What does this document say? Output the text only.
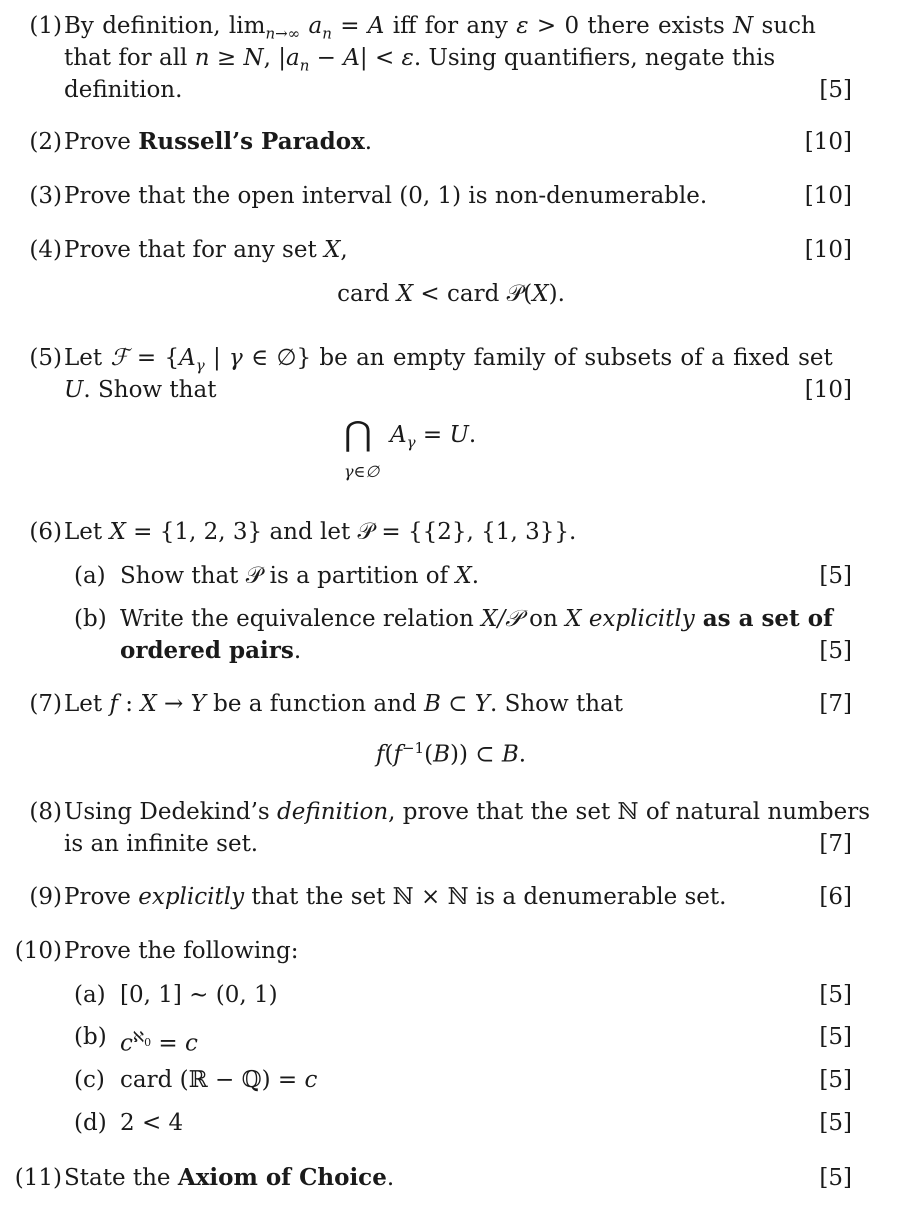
(1) By definition, $\lim_{n\to\infty} a_n = A$ iff for any ε > 0 there exists N such
that for all n ≥ N, $|a_n - A| < \varepsilon$. Using quantifiers, negate this
definition.	[5]
(2) Prove Russell’s Paradox.	[10]
(3) Prove that the open interval (0, 1) is non-denumerable.	[10]
(4) Prove that for any set X,	[10]
card X < card 𝒫(X).
(5) Let ℱ = {$A_\gamma$ | γ ∈ ∅} be an empty family of subsets of a fixed set
U. Show that	[10]
⋂ $A_\gamma = U$.
γ∈∅
(6) Let X = {1, 2, 3} and let 𝒫 = {{2}, {1, 3}}.
(a) Show that 𝒫 is a partition of X.	[5]
(b) Write the equivalence relation X/𝒫 on X explicitly as a set of
ordered pairs.	[5]
(7) Let f : X → Y be a function and B ⊂ Y. Show that	[7]
$f(f^{-1}(B))$ ⊂ B.
(8) Using Dedekind’s definition, prove that the set ℕ of natural numbers
is an infinite set.	[7]
(9) Prove explicitly that the set ℕ × ℕ is a denumerable set.	[6]
(10) Prove the following:
(a) [0, 1] ∼ (0, 1)	[5]
(b) $c^{ℵ_0} = c$	[5]
(c) card (ℝ − ℚ) = c	[5]
(d) 2 < 4	[5]
(11) State the Axiom of Choice.	[5]
